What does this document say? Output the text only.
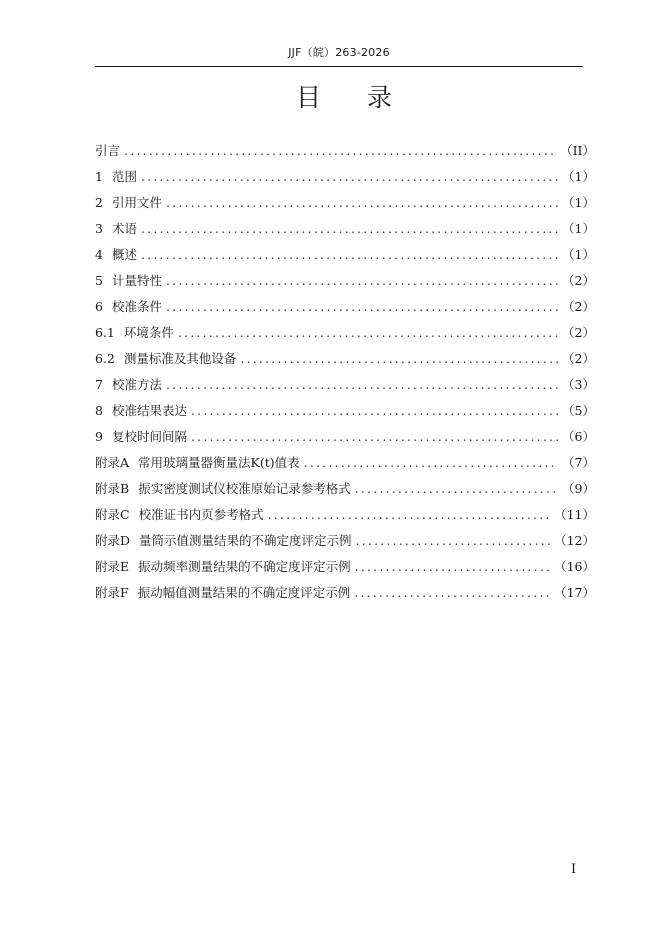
JJF（皖）263-2026
目 录
引言 .....	（II）
1 范围 .....	（1）
2 引用文件 .....	（1）
3 术语 .....	（1）
4 概述 .....	（1）
5 计量特性 .....	（2）
6 校准条件 .....	（2）
6.1 环境条件 .....	（2）
6.2 测量标准及其他设备 .....	（2）
7 校准方法 .....	（3）
8 校准结果表达 .....	（5）
9 复校时间间隔 .....	（6）
附录A 常用玻璃量器衡量法K(t)值表 .....	（7）
附录B 振实密度测试仪校准原始记录参考格式 .....	（9）
附录C 校准证书内页参考格式 .....	（11）
附录D 量筒示值测量结果的不确定度评定示例 .....	（12）
附录E 振动频率测量结果的不确定度评定示例 .....	（16）
附录F 振动幅值测量结果的不确定度评定示例 .....	（17）
I
